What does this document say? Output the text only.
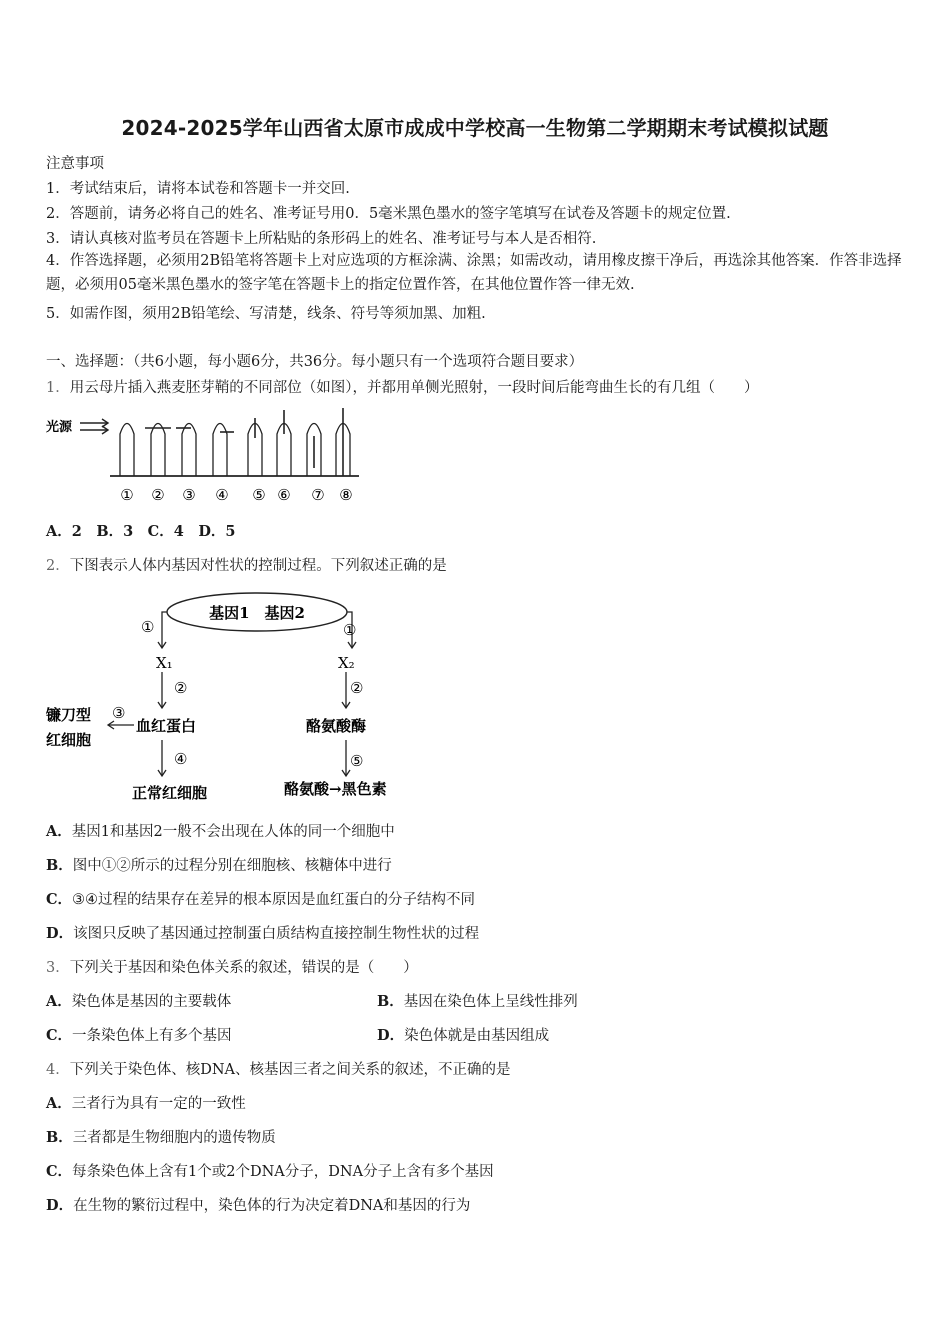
2024-2025学年山西省太原市成成中学校高一生物第二学期期末考试模拟试题
注意事项
1．考试结束后，请将本试卷和答题卡一并交回.
2．答题前，请务必将自己的姓名、准考证号用0．5毫米黑色墨水的签字笔填写在试卷及答题卡的规定位置.
3．请认真核对监考员在答题卡上所粘贴的条形码上的姓名、准考证号与本人是否相符.
4．作答选择题，必须用2B铅笔将答题卡上对应选项的方框涂满、涂黑；如需改动，请用橡皮擦干净后，再选涂其他答案．作答非选择题，必须用05毫米黑色墨水的签字笔在答题卡上的指定位置作答，在其他位置作答一律无效.
5．如需作图，须用2B铅笔绘、写清楚，线条、符号等须加黑、加粗.
一、选择题：（共6小题，每小题6分，共36分。每小题只有一个选项符合题目要求）
1．用云母片插入燕麦胚芽鞘的不同部位（如图），并都用单侧光照射，一段时间后能弯曲生长的有几组（　　）
光源
① ② ③ ④ ⑤ ⑥ ⑦ ⑧
A．2　B．3　C．4　D．5
2．下图表示人体内基因对性状的控制过程。下列叙述正确的是
基因1　基因2
①	①
X₁	X₂
②	②
③
④	⑤
镰刀型
红细胞
血红蛋白	酪氨酸酶
正常红细胞	酪氨酸→黑色素
A．基因1和基因2一般不会出现在人体的同一个细胞中
B．图中①②所示的过程分别在细胞核、核糖体中进行
C．③④过程的结果存在差异的根本原因是血红蛋白的分子结构不同
D．该图只反映了基因通过控制蛋白质结构直接控制生物性状的过程
3．下列关于基因和染色体关系的叙述，错误的是（　　）
A．染色体是基因的主要载体	B．基因在染色体上呈线性排列
C．一条染色体上有多个基因	D．染色体就是由基因组成
4．下列关于染色体、核DNA、核基因三者之间关系的叙述，不正确的是
A．三者行为具有一定的一致性
B．三者都是生物细胞内的遗传物质
C．每条染色体上含有1个或2个DNA分子，DNA分子上含有多个基因
D．在生物的繁衍过程中，染色体的行为决定着DNA和基因的行为
